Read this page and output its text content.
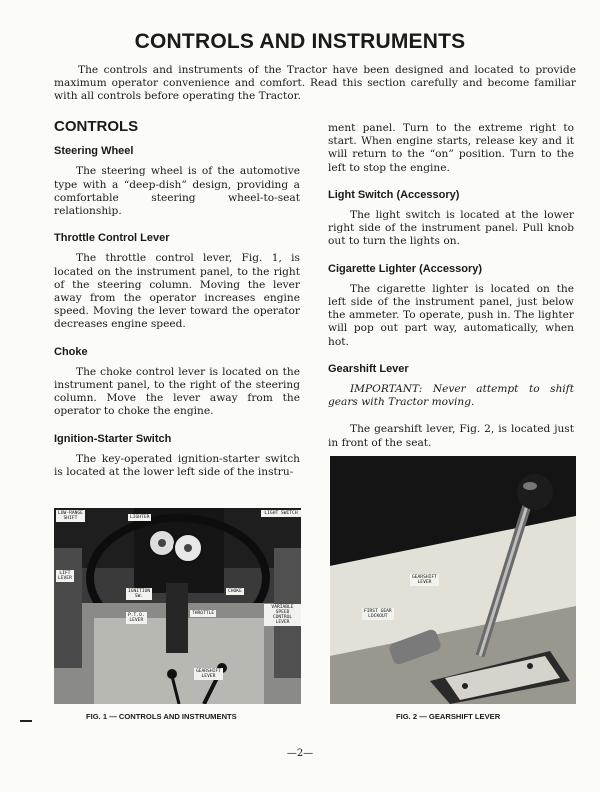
CONTROLS AND INSTRUMENTS
The controls and instruments of the Tractor have been designed and located to provide maximum operator convenience and comfort. Read this section carefully and become familiar with all controls before operating the Tractor.
CONTROLS
Steering Wheel
The steering wheel is of the automotive type with a “deep-dish” design, providing a comfortable steering wheel-to-seat relationship.
Throttle Control Lever
The throttle control lever, Fig. 1, is located on the instrument panel, to the right of the steering column. Moving the lever away from the operator increases engine speed. Moving the lever toward the operator decreases engine speed.
Choke
The choke control lever is located on the instrument panel, to the right of the steering column. Move the lever away from the operator to choke the engine.
Ignition-Starter Switch
The key-operated ignition-starter switch is located at the lower left side of the instru-
ment panel. Turn to the extreme right to start. When engine starts, release key and it will return to the “on” position. Turn to the left to stop the engine.
Light Switch (Accessory)
The light switch is located at the lower right side of the instrument panel. Pull knob out to turn the lights on.
Cigarette Lighter (Accessory)
The cigarette lighter is located on the left side of the instrument panel, just below the ammeter. To operate, push in. The lighter will pop out part way, automatically, when hot.
Gearshift Lever
IMPORTANT: Never attempt to shift gears with Tractor moving.
The gearshift lever, Fig. 2, is located just in front of the seat.
LOW-RANGE
SHIFT	LIGHTER
LIGHT SWITCH
LIFT
LEVER
IGNITION
SW.
CHOKE
THROTTLE
P.T.O.
LEVER
VARIABLE
SPEED CONTROL
LEVER
GEARSHIFT
LEVER
FIG. 1 — CONTROLS AND INSTRUMENTS
GEARSHIFT
LEVER
FIRST GEAR
LOCKOUT
FIG. 2 — GEARSHIFT LEVER
—2—
